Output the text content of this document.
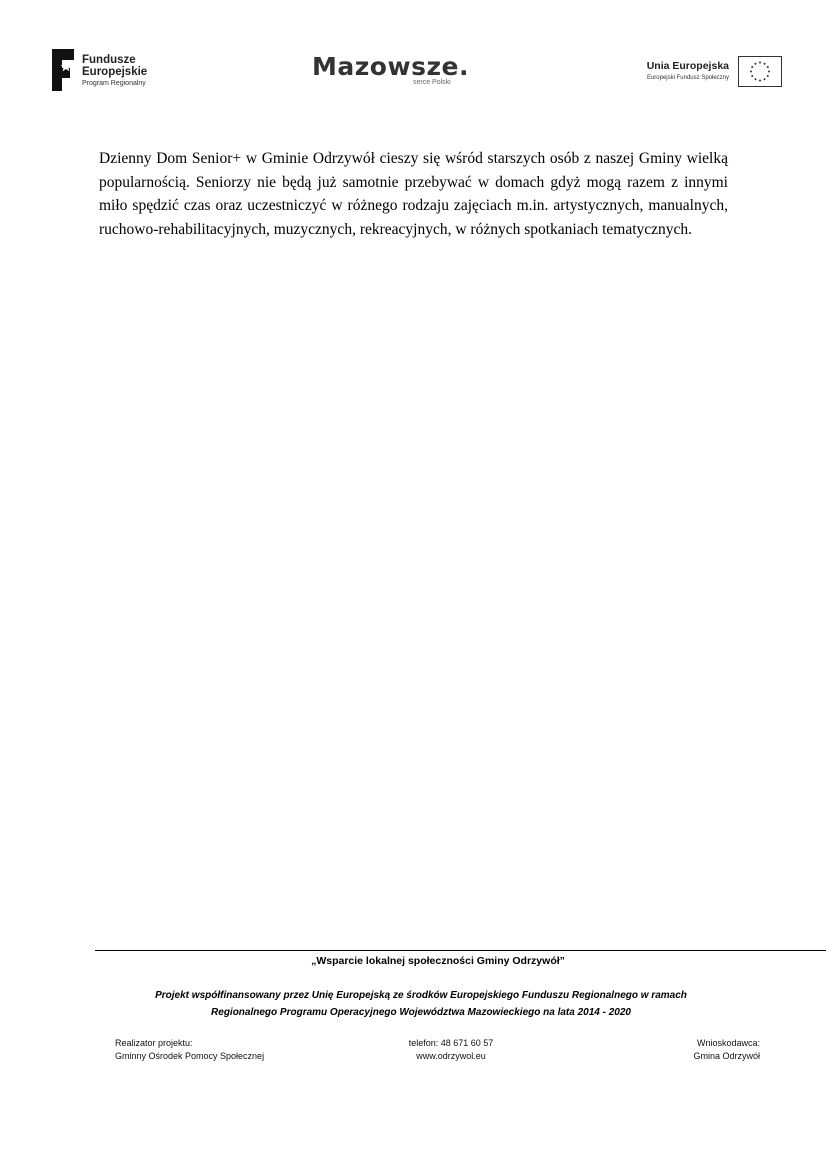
Fundusze
Europejskie
Program Regionalny
Mazowsze.
serce Polski
Unia Europejska
Europejski Fundusz Społeczny

Dzienny Dom Senior+ w Gminie Odrzywół cieszy się wśród starszych osób z naszej Gminy wielką popularnością. Seniorzy nie będą już samotnie przebywać w domach gdyż mogą razem z innymi miło spędzić czas oraz uczestniczyć w różnego rodzaju zajęciach m.in. artystycznych, manualnych, ruchowo-rehabilitacyjnych, muzycznych, rekreacyjnych, w różnych spotkaniach tematycznych.

„Wsparcie lokalnej społeczności Gminy Odrzywół”
Projekt współfinansowany przez Unię Europejską ze środków Europejskiego Funduszu Regionalnego w ramach
Regionalnego Programu Operacyjnego Województwa Mazowieckiego na lata 2014 - 2020
Realizator projektu:
Gminny Ośrodek Pomocy Społecznej
telefon: 48 671 60 57
www.odrzywol.eu
Wnioskodawca:
Gmina Odrzywół
